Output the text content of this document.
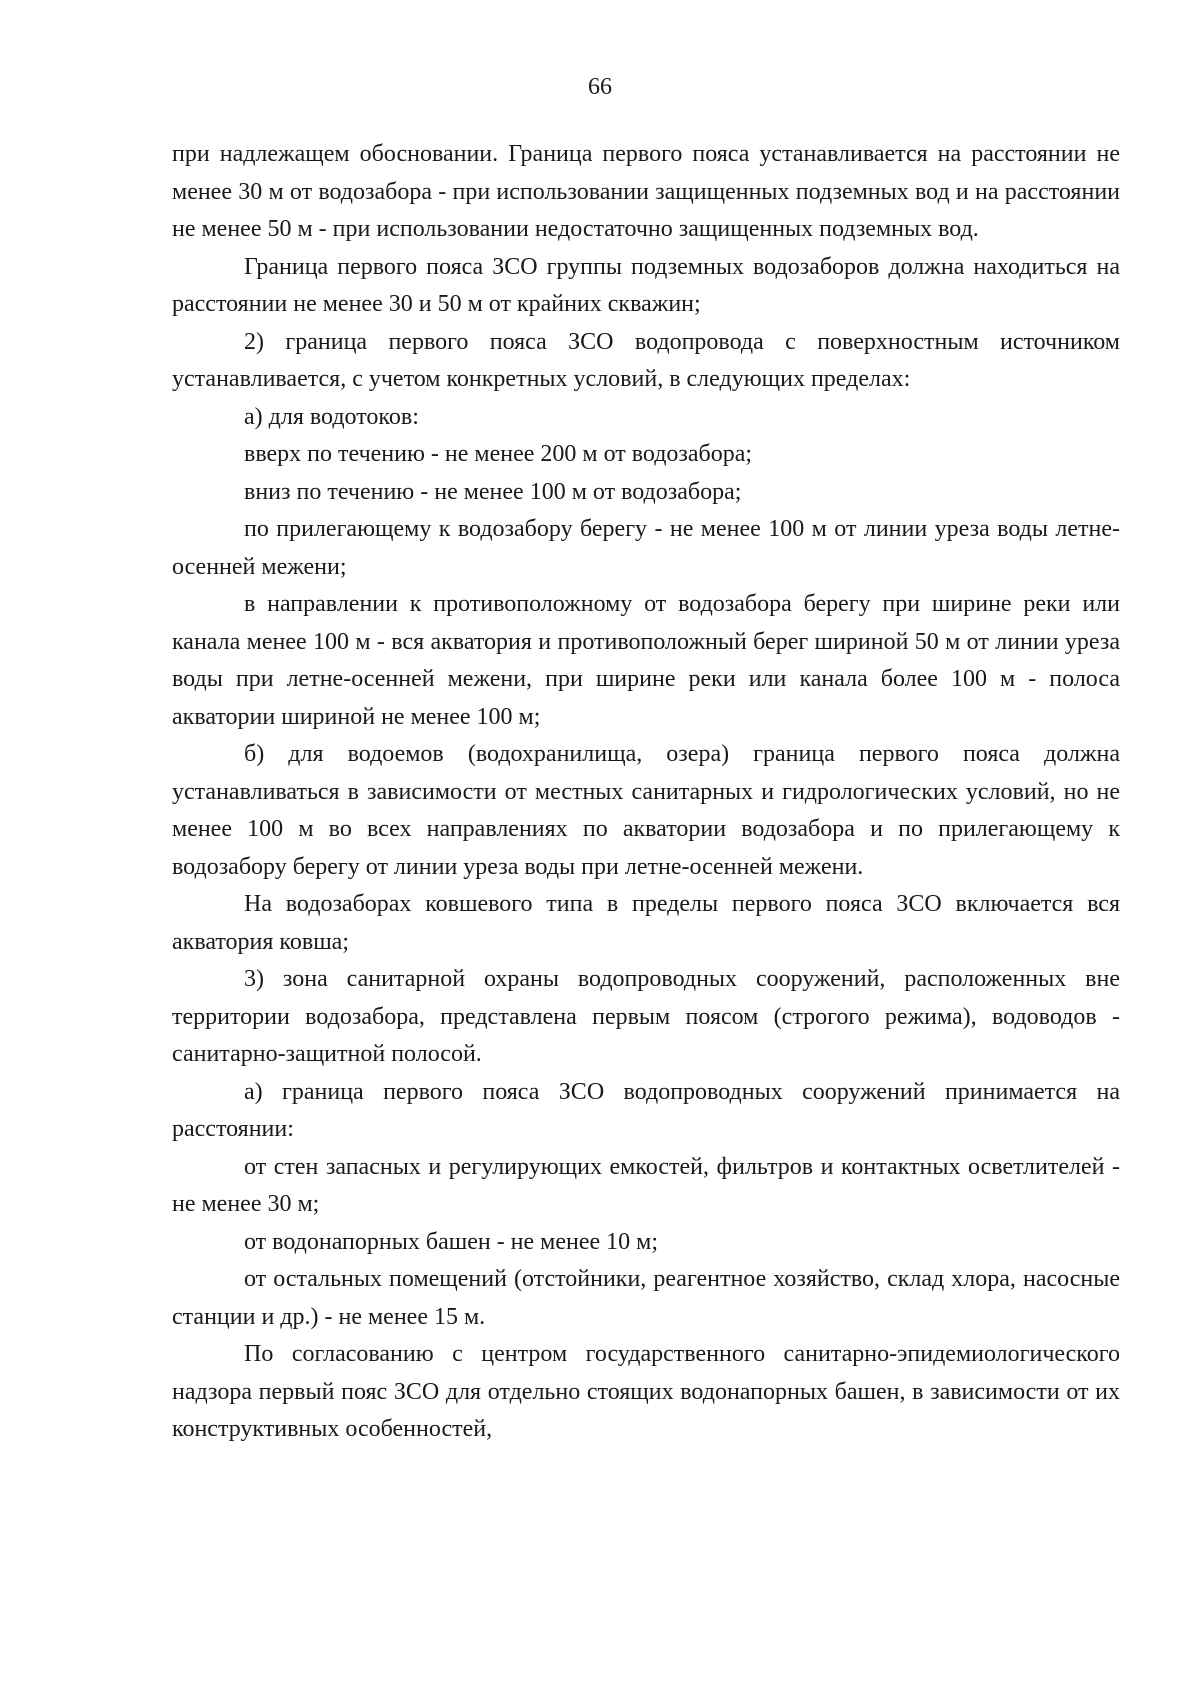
66

при надлежащем обосновании. Граница первого пояса устанавливается на расстоянии не менее 30 м от водозабора - при использовании защищенных подземных вод и на расстоянии не менее 50 м - при использовании недостаточно защищенных подземных вод.

Граница первого пояса ЗСО группы подземных водозаборов должна находиться на расстоянии не менее 30 и 50 м от крайних скважин;

2) граница первого пояса ЗСО водопровода с поверхностным источником устанавливается, с учетом конкретных условий, в следующих пределах:

а) для водотоков:

вверх по течению - не менее 200 м от водозабора;

вниз по течению - не менее 100 м от водозабора;

по прилегающему к водозабору берегу - не менее 100 м от линии уреза воды летне-осенней межени;

в направлении к противоположному от водозабора берегу при ширине реки или канала менее 100 м - вся акватория и противоположный берег шириной 50 м от линии уреза воды при летне-осенней межени, при ширине реки или канала более 100 м - полоса акватории шириной не менее 100 м;

б) для водоемов (водохранилища, озера) граница первого пояса должна устанавливаться в зависимости от местных санитарных и гидрологических условий, но не менее 100 м во всех направлениях по акватории водозабора и по прилегающему к водозабору берегу от линии уреза воды при летне-осенней межени.

На водозаборах ковшевого типа в пределы первого пояса ЗСО включается вся акватория ковша;

3) зона санитарной охраны водопроводных сооружений, расположенных вне территории водозабора, представлена первым поясом (строгого режима), водоводов - санитарно-защитной полосой.

а) граница первого пояса ЗСО водопроводных сооружений принимается на расстоянии:

от стен запасных и регулирующих емкостей, фильтров и контактных осветлителей - не менее 30 м;

от водонапорных башен - не менее 10 м;

от остальных помещений (отстойники, реагентное хозяйство, склад хлора, насосные станции и др.) - не менее 15 м.

По согласованию с центром государственного санитарно-эпидемиологического надзора первый пояс ЗСО для отдельно стоящих водонапорных башен, в зависимости от их конструктивных особенностей,
